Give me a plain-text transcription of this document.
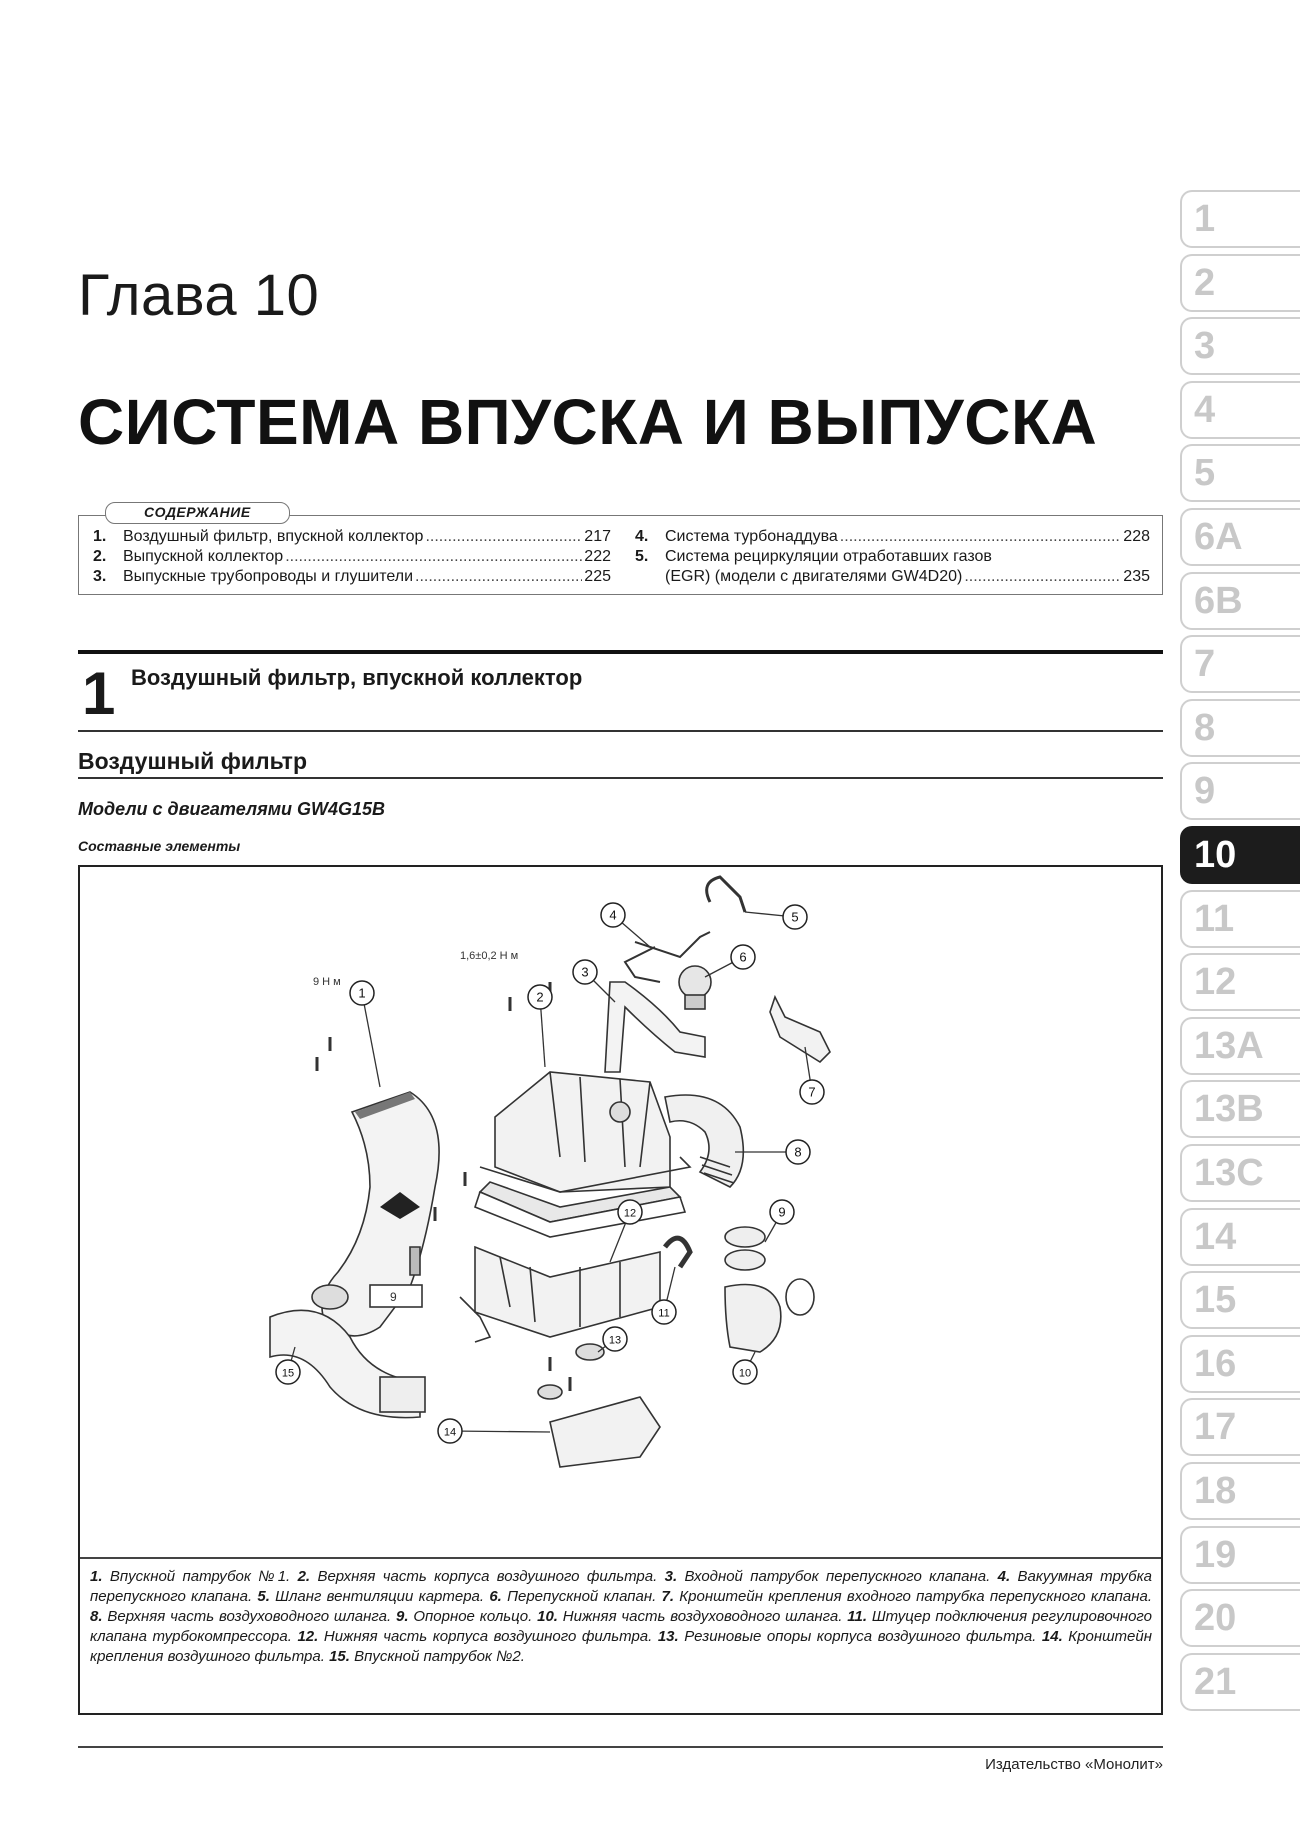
Глава 10
СИСТЕМА ВПУСКА И ВЫПУСКА
СОДЕРЖАНИЕ
1.	Воздушный фильтр, впускной коллектор .....	217
2.	Выпускной коллектор .....	222
3.	Выпускные трубопроводы и глушители .....	225
4.	Система турбонаддува .....	228
5.	Система рециркуляции отработавших газов
(EGR) (модели с двигателями GW4D20) .....	235
1 Воздушный фильтр, впускной коллектор
Воздушный фильтр
Модели с двигателями GW4G15B
Составные элементы
9 Н м
1,6±0,2 Н м
9
1	2
3
4	5
6
7
8
9
10
11
12
13
14
15
1. Впускной патрубок №1. 2. Верхняя часть корпуса воздушного фильтра. 3. Входной патрубок перепускного клапана. 4. Вакуумная трубка перепускного клапана. 5. Шланг вентиляции картера. 6. Перепускной клапан. 7. Кронштейн крепления входного патрубка перепускного клапана. 8. Верхняя часть воздуховодного шланга. 9. Опорное кольцо. 10. Нижняя часть воздуховодного шланга. 11. Штуцер подключения регулировочного клапана турбокомпрессора. 12. Нижняя часть корпуса воздушного фильтра. 13. Резиновые опоры корпуса воздушного фильтра. 14. Кронштейн крепления воздушного фильтра. 15. Впускной патрубок №2.
Издательство «Монолит»
1
2
3
4
5
6A
6B
7
8
9
10
11
12
13A
13B
13C
14
15
16
17
18
19
20
21
